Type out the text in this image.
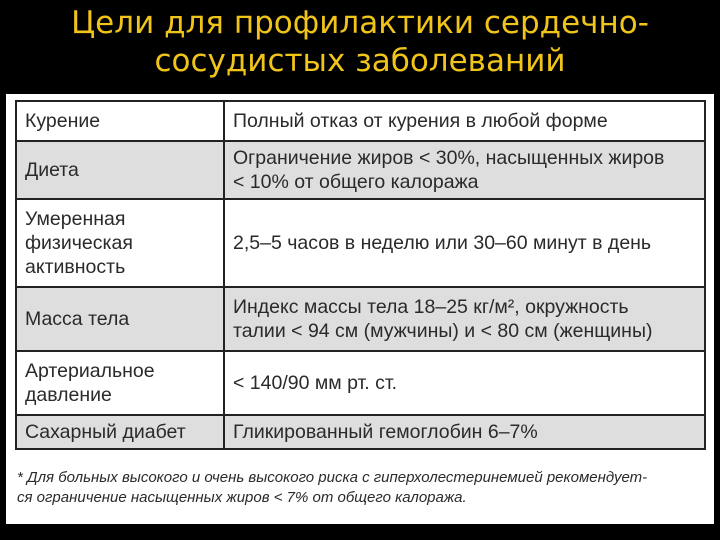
Цели для профилактики сердечно-
сосудистых заболеваний
Курение	Полный отказ от курения в любой форме

Диета	Ограничение жиров < 30%, насыщенных жиров
< 10% от общего калоража

Умеренная
физическая
активность	2,5–5 часов в неделю или 30–60 минут в день

Масса тела	Индекс массы тела 18–25 кг/м², окружность
талии < 94 см (мужчины) и < 80 см (женщины)

Артериальное
давление	< 140/90 мм рт. ст.

Сахарный диабет	Гликированный гемоглобин 6–7%
* Для больных высокого и очень высокого риска с гиперхолестеринемией рекомендует-
ся ограничение насыщенных жиров < 7% от общего калоража.
